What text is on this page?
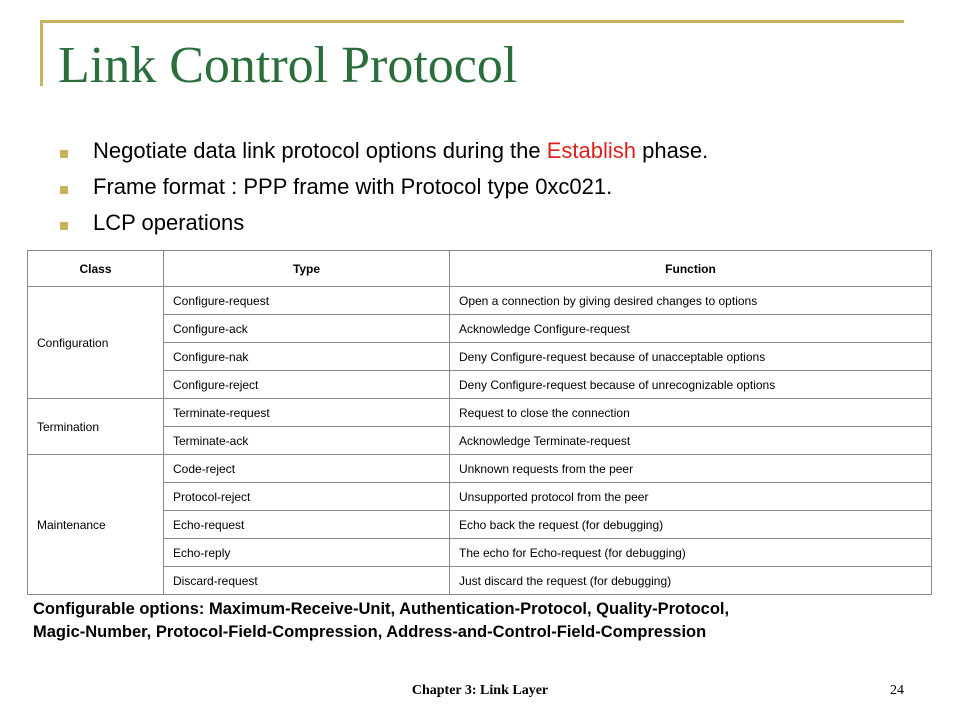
Link Control Protocol
Negotiate data link protocol options during the Establish phase.
Frame format : PPP frame with Protocol type 0xc021.
LCP operations
Class	Type	Function
Configuration	Configure-request	Open a connection by giving desired changes to options
	Configure-ack	Acknowledge Configure-request
	Configure-nak	Deny Configure-request because of unacceptable options
	Configure-reject	Deny Configure-request because of unrecognizable options
Termination	Terminate-request	Request to close the connection
	Terminate-ack	Acknowledge Terminate-request
Maintenance	Code-reject	Unknown requests from the peer
	Protocol-reject	Unsupported protocol from the peer
	Echo-request	Echo back the request (for debugging)
	Echo-reply	The echo for Echo-request (for debugging)
	Discard-request	Just discard the request (for debugging)

Configurable options: Maximum-Receive-Unit, Authentication-Protocol, Quality-Protocol,
Magic-Number, Protocol-Field-Compression, Address-and-Control-Field-Compression

Chapter 3: Link Layer	24
